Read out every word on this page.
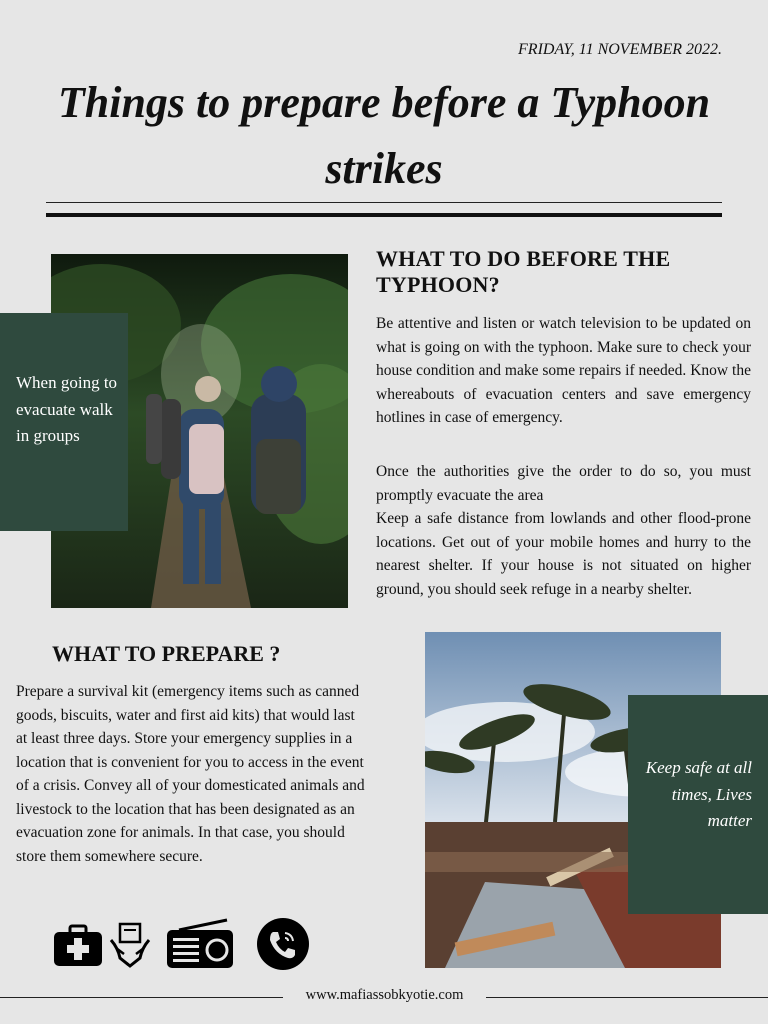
FRIDAY, 11 NOVEMBER 2022.
Things to prepare before a Typhoon strikes
When going to evacuate walk in groups
WHAT TO DO BEFORE THE TYPHOON?

Be attentive and listen or watch television to be updated on what is going on with the typhoon. Make sure to check your house condition and make some repairs if needed. Know the whereabouts of evacuation centers and save emergency hotlines in case of emergency.

Once the authorities give the order to do so, you must promptly evacuate the area

Keep a safe distance from lowlands and other flood-prone locations. Get out of your mobile homes and hurry to the nearest shelter. If your house is not situated on higher ground, you should seek refuge in a nearby shelter.

Keep safe at all times, Lives matter
WHAT TO PREPARE ?

Prepare a survival kit (emergency items such as canned goods, biscuits, water and first aid kits) that would last at least three days. Store your emergency supplies in a location that is convenient for you to access in the event of a crisis. Convey all of your domesticated animals and livestock to the location that has been designated as an evacuation zone for animals. In that case, you should store them somewhere secure.

www.mafiassobkyotie.com
